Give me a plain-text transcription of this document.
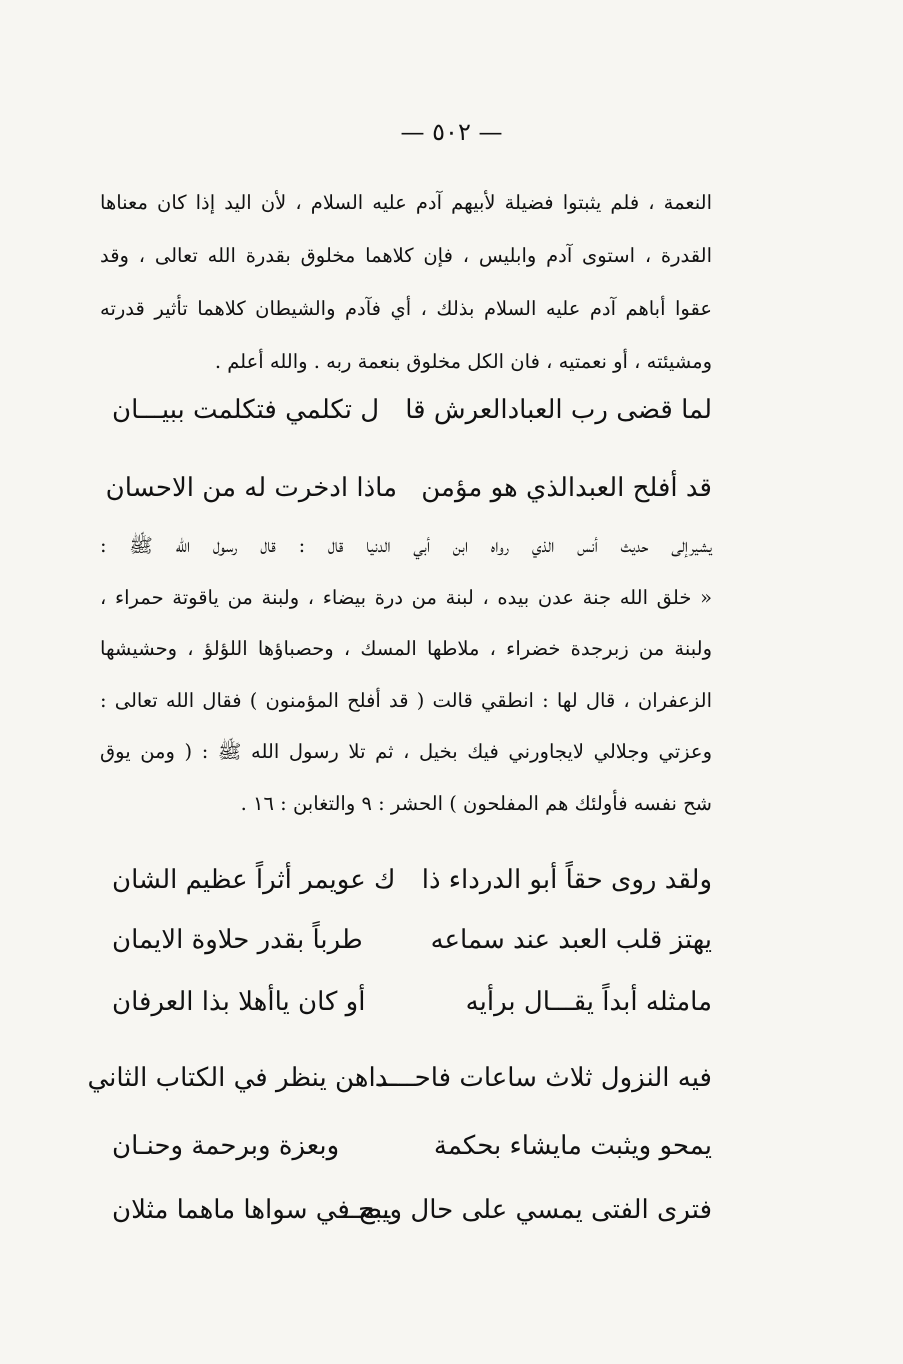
— ٥٠٢ —
النعمة ، فلم يثبتوا فضيلة لأبيهم آدم عليه السلام ، لأن اليد إذا كان معناها
القدرة ، استوى آدم وابليس ، فإن كلاهما مخلوق بقدرة الله تعالى ، وقد
عقوا أباهم آدم عليه السلام بذلك ، أي فآدم والشيطان كلاهما تأثير قدرته
ومشيئته ، أو نعمتيه ، فان الكل مخلوق بنعمة ربه . والله أعلم .
لما قضى رب العبادالعرش قا
ل تكلمي فتكلمت ببيـــان
قد أفلح العبدالذي هو مؤمن
ماذا ادخرت له من الاحسان
يشيرإلى حديث أنس الذي رواه ابن أبي الدنيا قال : قال رسول الله ﷺ :
« خلق الله جنة عدن بيده ، لبنة من درة بيضاء ، ولبنة من ياقوتة حمراء ،
ولبنة من زبرجدة خضراء ، ملاطها المسك ، وحصباؤها اللؤلؤ ، وحشيشها
الزعفران ، قال لها : انطقي قالت ( قد أفلح المؤمنون ) فقال الله تعالى :
وعزتي وجلالي لايجاورني فيك بخيل ، ثم تلا رسول الله ﷺ : ( ومن يوق
شح نفسه فأولئك هم المفلحون ) الحشر : ٩ والتغابن : ١٦ .
ولقد روى حقاً أبو الدرداء ذا
ك عويمر أثراً عظيم الشان
يهتز قلب العبد عند سماعه
طرباً بقدر حلاوة الايمان
مامثله أبداً يقـــال برأيه
أو كان ياأهلا بذا العرفان
فيه النزول ثلاث ساعات فاحـــــ
ـداهن ينظر في الكتاب الثاني
يمحو ويثبت مايشاء بحكمة
وبعزة وبرحمة وحنـان
فترى الفتى يمسي على حال ويصـــ
ـبح في سواها ماهما مثلان
